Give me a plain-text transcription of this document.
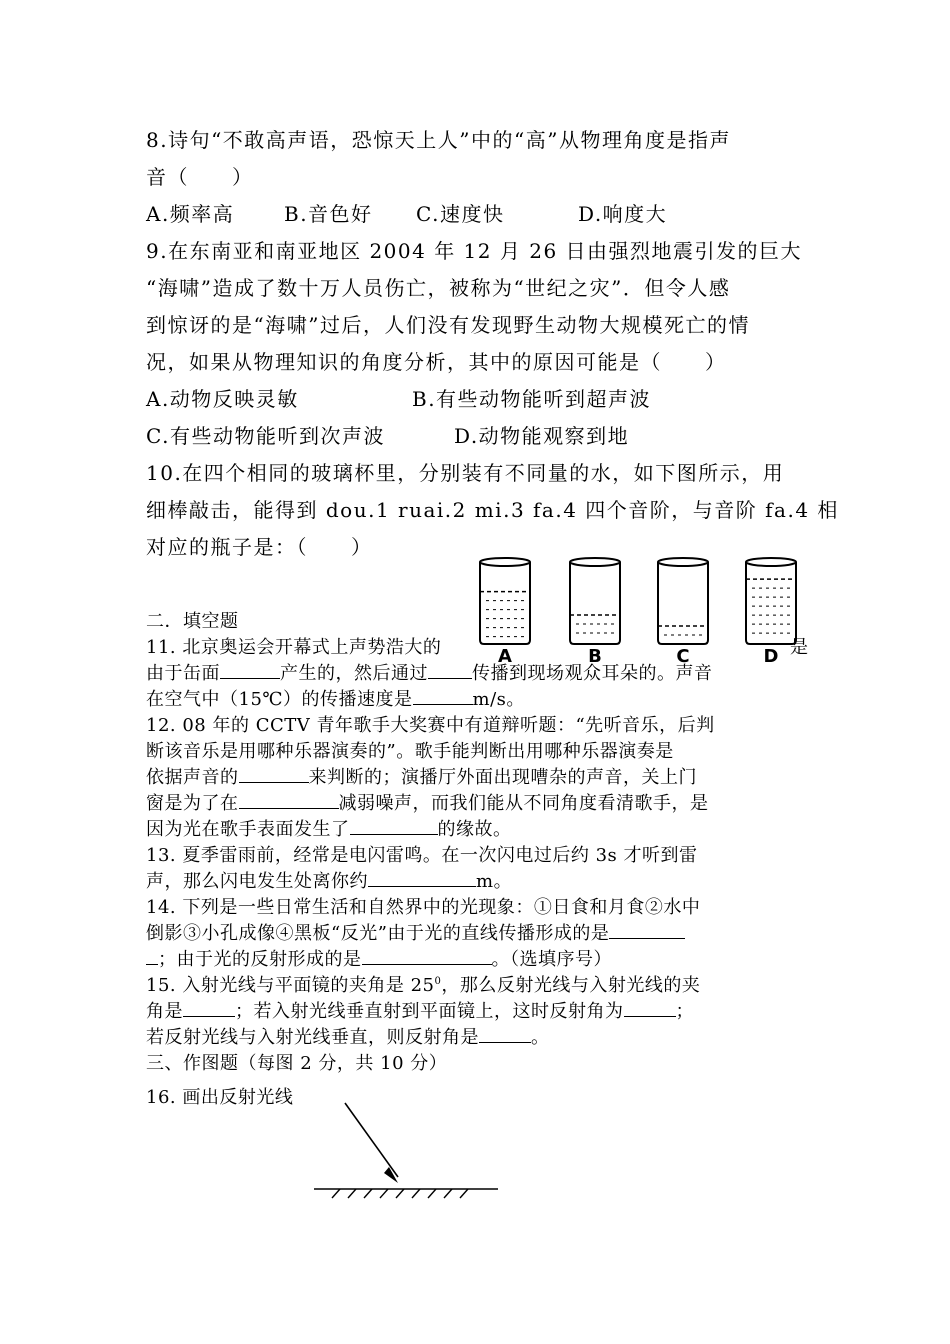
8.诗句“不敢高声语，恐惊天上人”中的“高”从物理角度是指声
音（　　）
A.频率高 B.音色好 C.速度快	D.响度大
9.在东南亚和南亚地区 2004 年 12 月 26 日由强烈地震引发的巨大
“海啸”造成了数十万人员伤亡，被称为“世纪之灾”．但令人感
到惊讶的是“海啸”过后，人们没有发现野生动物大规模死亡的情
况，如果从物理知识的角度分析，其中的原因可能是（　　）
A.动物反映灵敏	B.有些动物能听到超声波
C.有些动物能听到次声波	D.动物能观察到地
10.在四个相同的玻璃杯里，分别装有不同量的水，如下图所示，用
细棒敲击，能得到 dou.1 ruai.2 mi.3 fa.4 四个音阶，与音阶 fa.4 相
对应的瓶子是：（　　）
二．填空题
11. 北京奥运会开幕式上声势浩大的	是
由于缶面	产生的，然后通过 传播到现场观众耳朵的。声音
在空气中（15℃）的传播速度是	m/s。
12. 08 年的 CCTV 青年歌手大奖赛中有道辩听题：“先听音乐，后判
断该音乐是用哪种乐器演奏的”。歌手能判断出用哪种乐器演奏是
依据声音的	来判断的；演播厅外面出现嘈杂的声音，关上门
窗是为了在	减弱噪声，而我们能从不同角度看清歌手，是
因为光在歌手表面发生了	的缘故。
13. 夏季雷雨前，经常是电闪雷鸣。在一次闪电过后约 3s 才听到雷
声，那么闪电发生处离你约	m。
14. 下列是一些日常生活和自然界中的光现象：①日食和月食②水中
倒影③小孔成像④黑板“反光”由于光的直线传播形成的是
；由于光的反射形成的是	。（选填序号）
15. 入射光线与平面镜的夹角是 $25^0$，那么反射光线与入射光线的夹
角是	；若入射光线垂直射到平面镜上，这时反射角为	；
若反射光线与入射光线垂直，则反射角是	。
三、作图题（每图 2 分，共 10 分）
16. 画出反射光线
A	B	C	D
